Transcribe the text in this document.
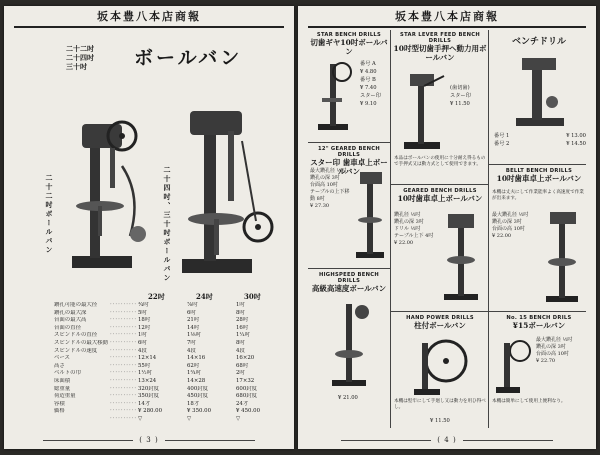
坂本豊八本店商報
二十二吋
二十四吋
三十吋	ボールバン
二十二吋ボールバン	二十四吋、三十吋ボールバン
22吋	24吋	30吋
鑽孔可能の最大径	·········· ¾吋	⅞吋	1吋
鑽孔の最大深	·········· 5吋	6吋	8吋
台面の最大高	·········· 18吋	21吋	28吋
台面の直径	·········· 12吋	14吋	16吋
スピンドルの直径	·········· 1吋	1⅛吋	1¼吋
スピンドルの最大移動 ·········· 6吋	7吋	8吋
スピンドルの速度	·········· 4段	4段	4段
ベース	·········· 12×14	14×16	16×20
高さ	·········· 55吋	62吋	68吋
ベルトの巾	·········· 1½吋	1¾吋	2吋
床面積	·········· 13×24	14×28	17×32
総重量	·········· 320封度	400封度	600封度
荷造重量	·········· 350封度	450封度	680封度
容積	·········· 14才	18才	24才
価格	·········· ¥ 280.00	¥ 350.00	¥ 450.00
·········· ▽	▽	▽
( 3 )
坂本豊八本店商報
STAR BENCH DRILLS
切歯ギヤ10吋ボールバン
番号 A
¥ 4.80
番号 B
¥ 7.40
スター印
¥ 9.10
12" GEARED BENCH DRILLS
スター印 歯車卓上ボールバン
最大鑽孔径 ½吋
鑽孔の深 3吋
台面高 10吋
テーブルの上下移動 8吋
¥ 27.30
HIGHSPEED BENCH DRILLS
高級高速度ボールバン
¥ 21.00
STAR LEVER FEED BENCH DRILLS
10吋型切歯手押ヘ動力用ボールバン
(歯切歯)
スター印
¥ 11.50
本品はボールバンの使用に十分耐え得るもので手押式又は動力式として使用できます。
GEARED BENCH DRILLS
10吋歯車卓上ボールバン
鑽孔径 ½吋
鑽孔の深 3吋
ドリル ½吋
テーブル上下 4吋
¥ 22.00
HAND POWER DRILLS
柱付ボールバン
本機は堅牢にして手廻し又は動力を用ひ得べし。
¥ 11.50
ベンチドリル
番号 1	¥ 13.00
番号 2	¥ 14.50
BELLT BENCH DRILLS
10吋歯車卓上ボールバン
本機は丈夫にして作業能率よく高速度で作業が出来ます。
最大鑽孔径 ½吋
鑽孔の深 3吋
台面の高 10吋
¥ 22.00
No. 15 BENCH DRILS
¥15ボールバン
最大鑽孔径 ½吋
鑽孔の深 3吋
台面の高 10吋
¥ 22.70
本機は簡単にして使用上便利なり。
( 4 )
